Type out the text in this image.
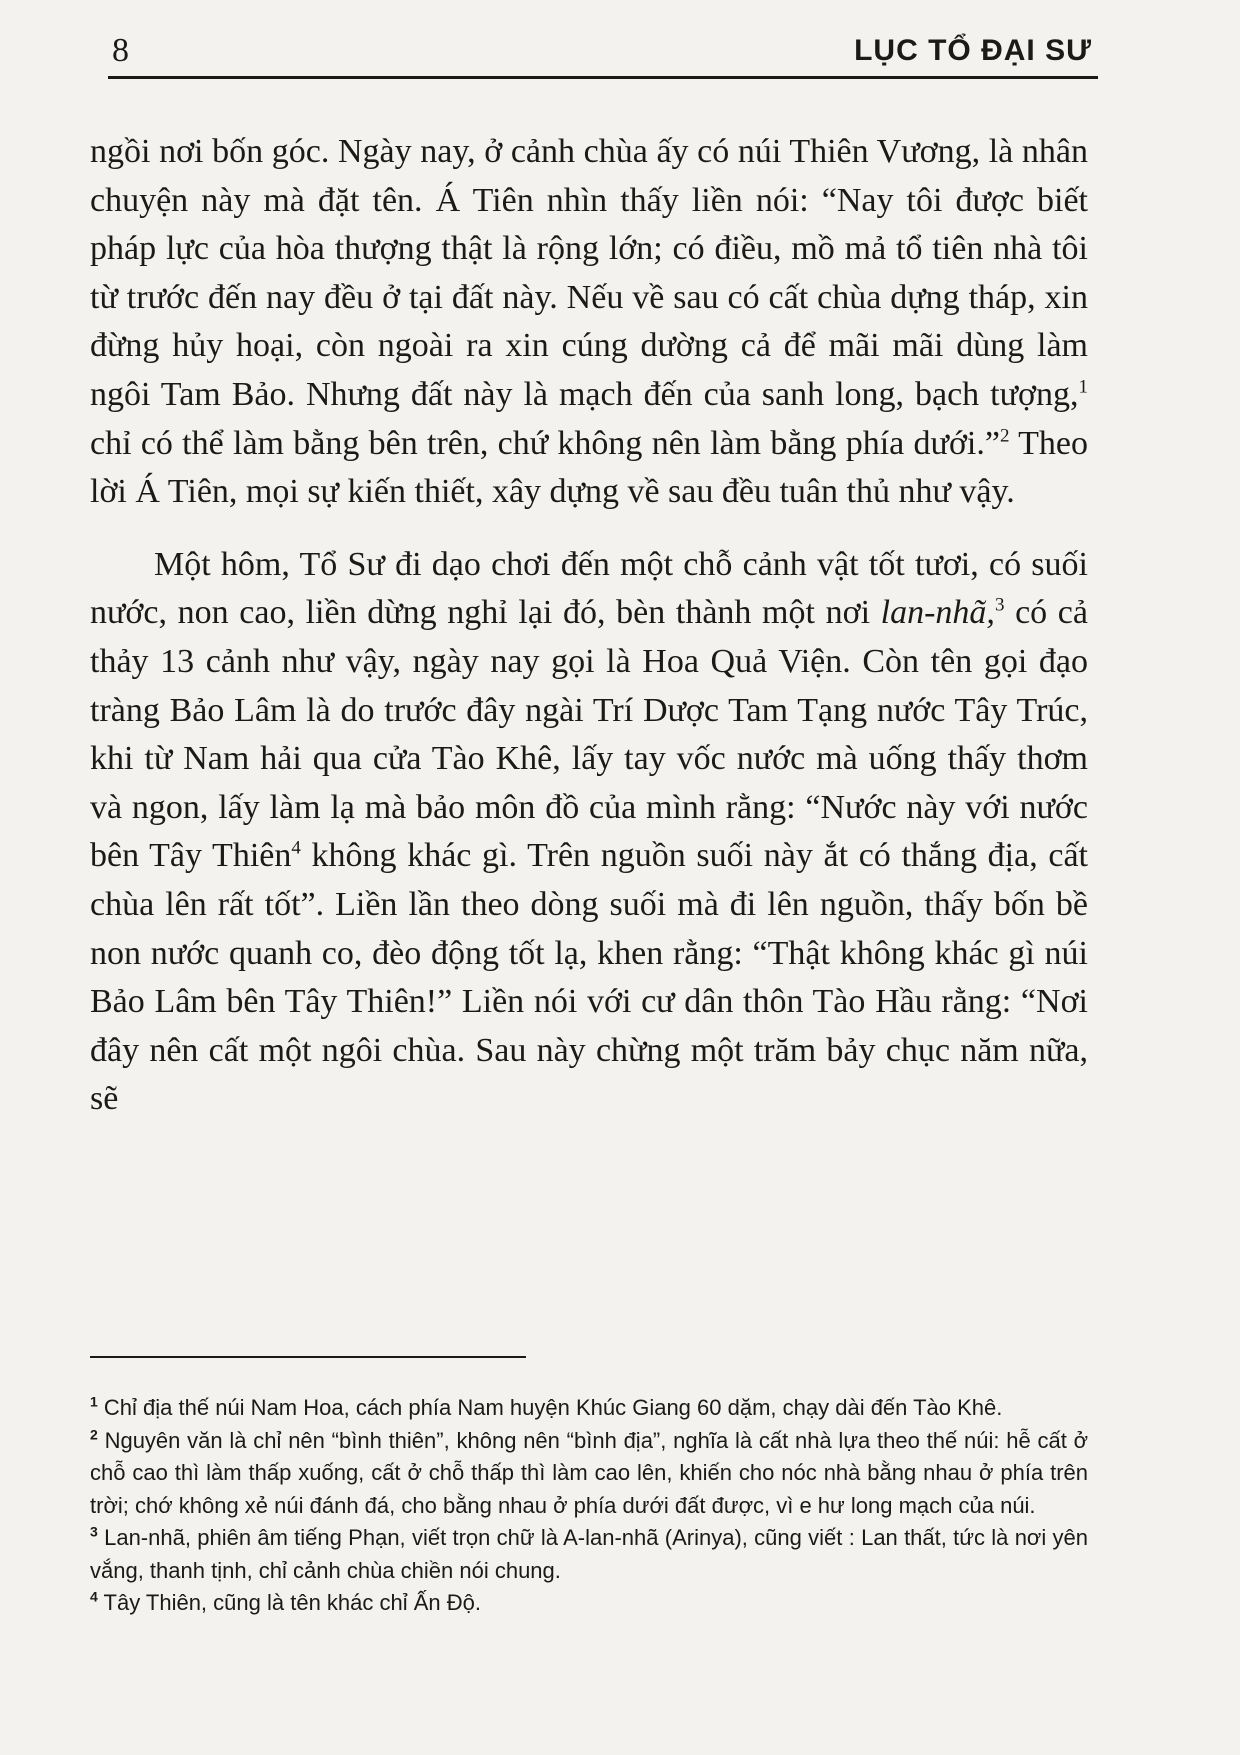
8	LỤC TỔ ĐẠI SƯ

ngồi nơi bốn góc. Ngày nay, ở cảnh chùa ấy có núi Thiên Vương, là nhân chuyện này mà đặt tên. Á Tiên nhìn thấy liền nói: “Nay tôi được biết pháp lực của hòa thượng thật là rộng lớn; có điều, mồ mả tổ tiên nhà tôi từ trước đến nay đều ở tại đất này. Nếu về sau có cất chùa dựng tháp, xin đừng hủy hoại, còn ngoài ra xin cúng dường cả để mãi mãi dùng làm ngôi Tam Bảo. Nhưng đất này là mạch đến của sanh long, bạch tượng,$^1$ chỉ có thể làm bằng bên trên, chứ không nên làm bằng phía dưới.”$^2$ Theo lời Á Tiên, mọi sự kiến thiết, xây dựng về sau đều tuân thủ như vậy.

Một hôm, Tổ Sư đi dạo chơi đến một chỗ cảnh vật tốt tươi, có suối nước, non cao, liền dừng nghỉ lại đó, bèn thành một nơi lan-nhã,$^3$ có cả thảy 13 cảnh như vậy, ngày nay gọi là Hoa Quả Viện. Còn tên gọi đạo tràng Bảo Lâm là do trước đây ngài Trí Dược Tam Tạng nước Tây Trúc, khi từ Nam hải qua cửa Tào Khê, lấy tay vốc nước mà uống thấy thơm và ngon, lấy làm lạ mà bảo môn đồ của mình rằng: “Nước này với nước bên Tây Thiên$^4$ không khác gì. Trên nguồn suối này ắt có thắng địa, cất chùa lên rất tốt”. Liền lần theo dòng suối mà đi lên nguồn, thấy bốn bề non nước quanh co, đèo động tốt lạ, khen rằng: “Thật không khác gì núi Bảo Lâm bên Tây Thiên!” Liền nói với cư dân thôn Tào Hầu rằng: “Nơi đây nên cất một ngôi chùa. Sau này chừng một trăm bảy chục năm nữa, sẽ

$^1$ Chỉ địa thế núi Nam Hoa, cách phía Nam huyện Khúc Giang 60 dặm, chạy dài đến Tào Khê.

$^2$ Nguyên văn là chỉ nên “bình thiên”, không nên “bình địa”, nghĩa là cất nhà lựa theo thế núi: hễ cất ở chỗ cao thì làm thấp xuống, cất ở chỗ thấp thì làm cao lên, khiến cho nóc nhà bằng nhau ở phía trên trời; chớ không xẻ núi đánh đá, cho bằng nhau ở phía dưới đất được, vì e hư long mạch của núi.

$^3$ Lan-nhã, phiên âm tiếng Phạn, viết trọn chữ là A-lan-nhã (Arinya), cũng viết : Lan thất, tức là nơi yên vắng, thanh tịnh, chỉ cảnh chùa chiền nói chung.

$^4$ Tây Thiên, cũng là tên khác chỉ Ấn Độ.
